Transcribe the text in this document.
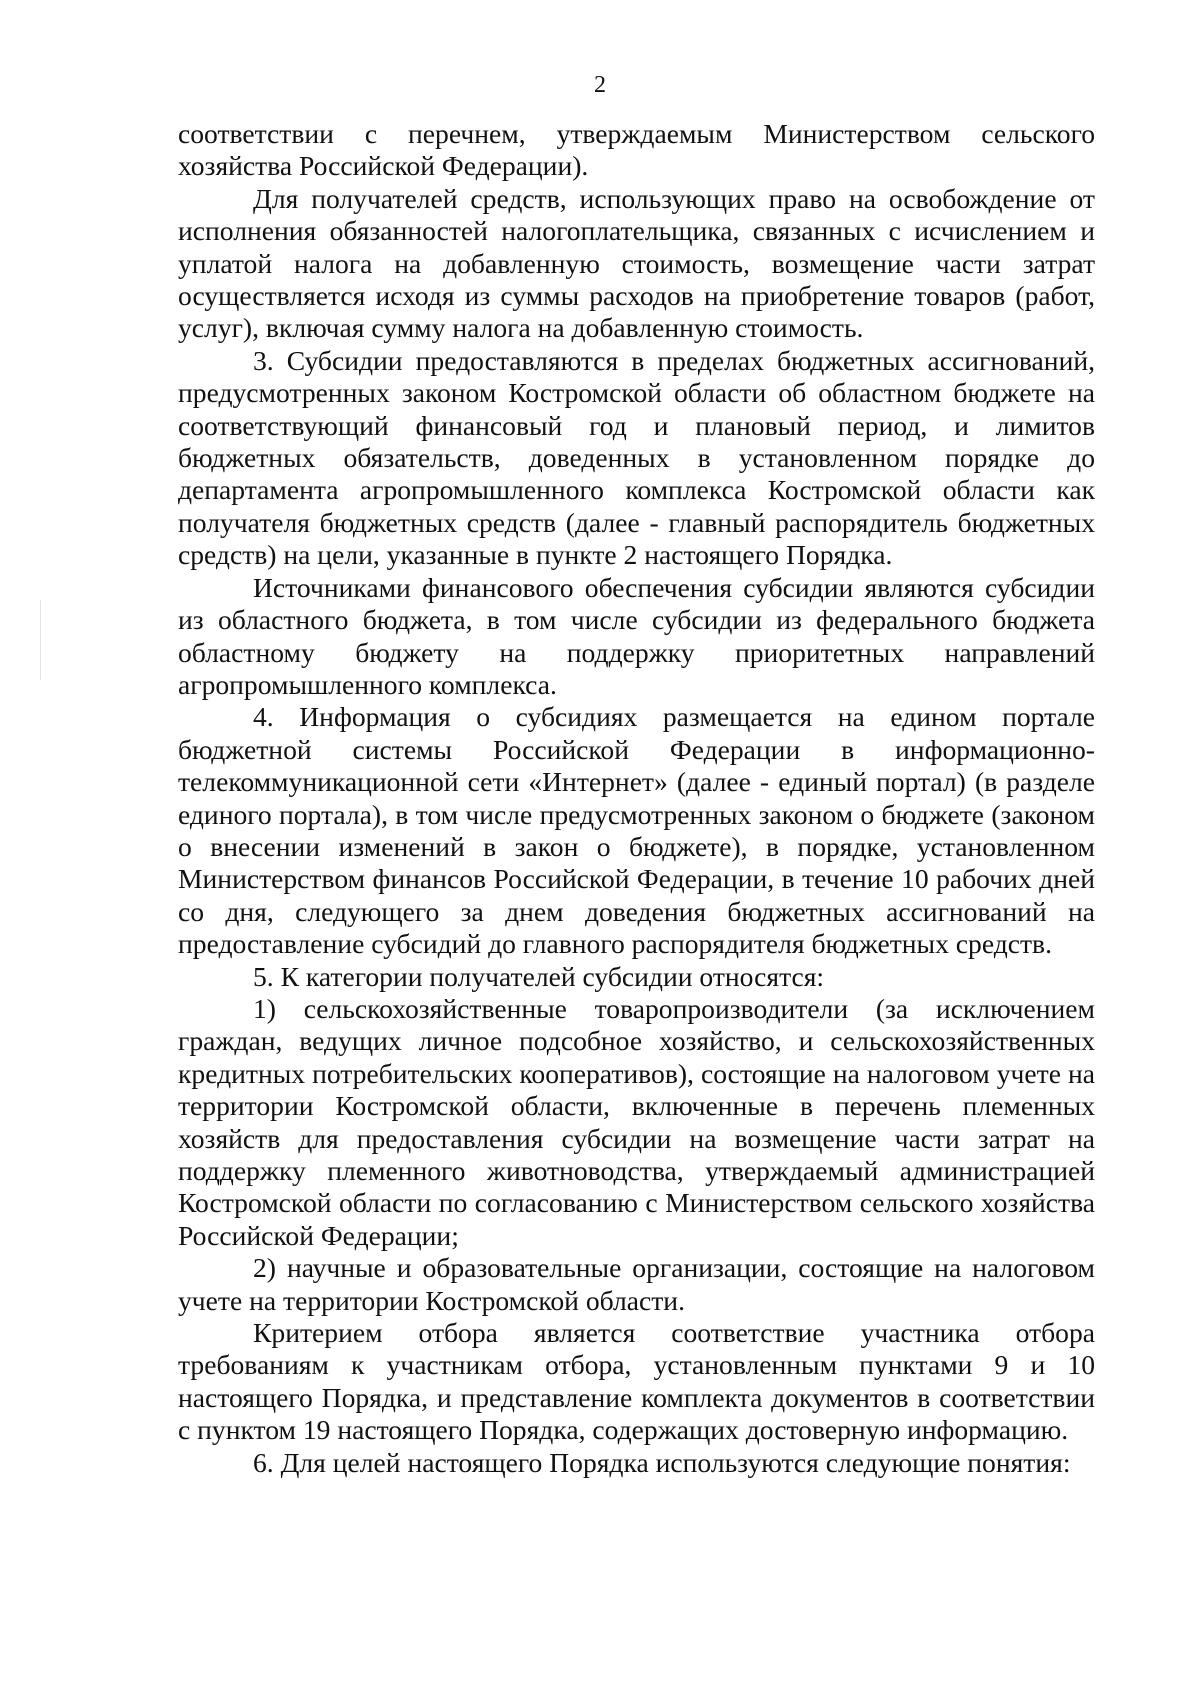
2

соответствии с перечнем, утверждаемым Министерством сельского хозяйства Российской Федерации).

Для получателей средств, использующих право на освобождение от исполнения обязанностей налогоплательщика, связанных с исчислением и уплатой налога на добавленную стоимость, возмещение части затрат осуществляется исходя из суммы расходов на приобретение товаров (работ, услуг), включая сумму налога на добавленную стоимость.

3. Субсидии предоставляются в пределах бюджетных ассигнований, предусмотренных законом Костромской области об областном бюджете на соответствующий финансовый год и плановый период, и лимитов бюджетных обязательств, доведенных в установленном порядке до департамента агропромышленного комплекса Костромской области как получателя бюджетных средств (далее - главный распорядитель бюджетных средств) на цели, указанные в пункте 2 настоящего Порядка.

Источниками финансового обеспечения субсидии являются субсидии из областного бюджета, в том числе субсидии из федерального бюджета областному бюджету на поддержку приоритетных направлений агропромышленного комплекса.

4. Информация о субсидиях размещается на едином портале бюджетной системы Российской Федерации в информационно-телекоммуникационной сети «Интернет» (далее - единый портал) (в разделе единого портала), в том числе предусмотренных законом о бюджете (законом о внесении изменений в закон о бюджете), в порядке, установленном Министерством финансов Российской Федерации, в течение 10 рабочих дней со дня, следующего за днем доведения бюджетных ассигнований на предоставление субсидий до главного распорядителя бюджетных средств.

5. К категории получателей субсидии относятся:

1) сельскохозяйственные товаропроизводители (за исключением граждан, ведущих личное подсобное хозяйство, и сельскохозяйственных кредитных потребительских кооперативов), состоящие на налоговом учете на территории Костромской области, включенные в перечень племенных хозяйств для предоставления субсидии на возмещение части затрат на поддержку племенного животноводства, утверждаемый администрацией Костромской области по согласованию с Министерством сельского хозяйства Российской Федерации;

2) научные и образовательные организации, состоящие на налоговом учете на территории Костромской области.

Критерием отбора является соответствие участника отбора требованиям к участникам отбора, установленным пунктами 9 и 10 настоящего Порядка, и представление комплекта документов в соответствии с пунктом 19 настоящего Порядка, содержащих достоверную информацию.

6. Для целей настоящего Порядка используются следующие понятия:
